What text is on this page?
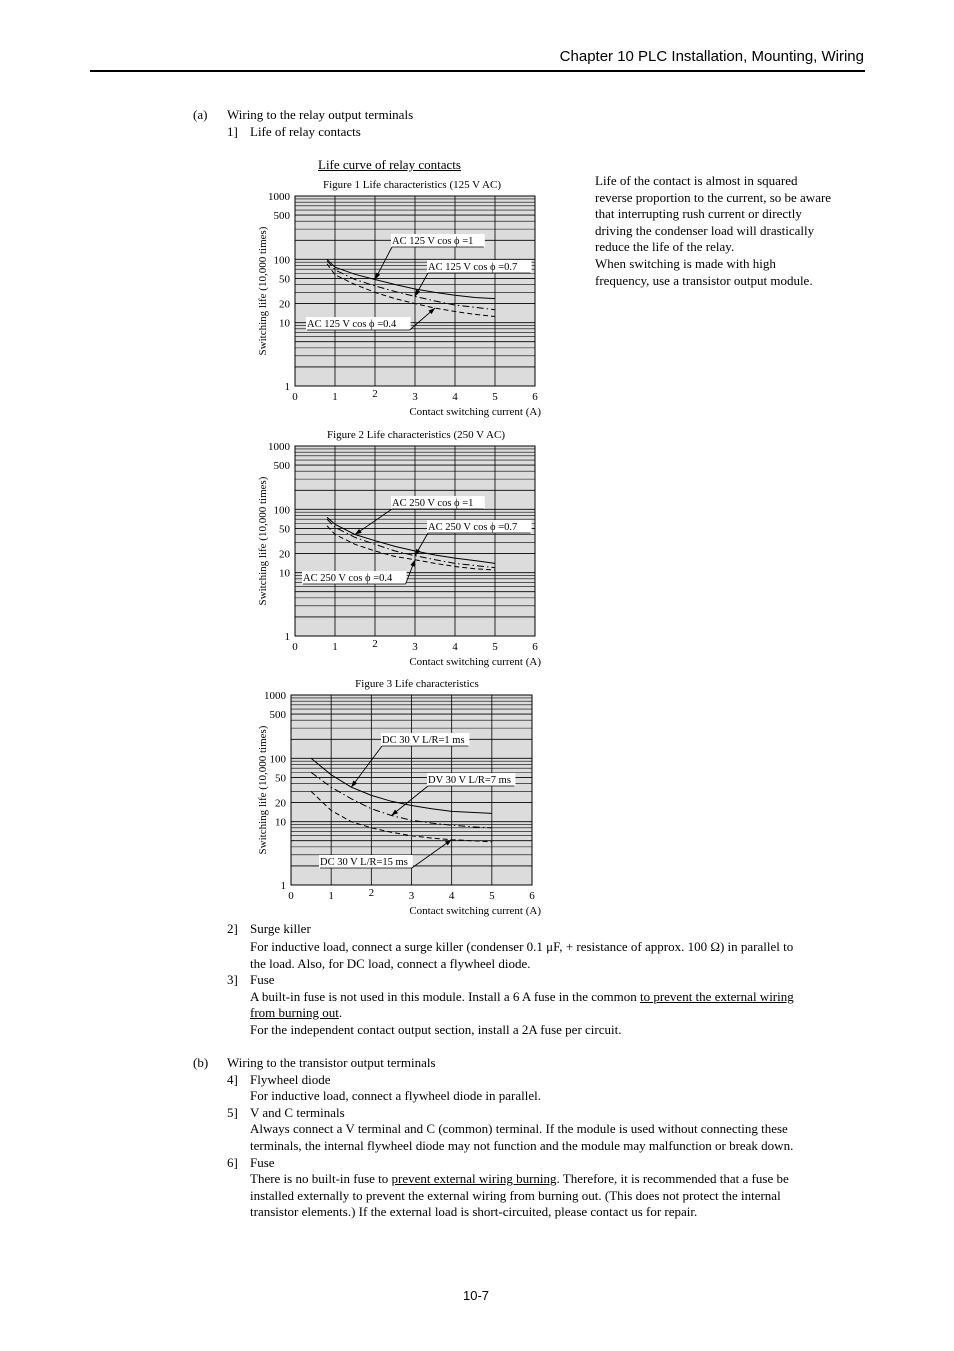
Chapter 10 PLC Installation, Mounting, Wiring
(a) Wiring to the relay output terminals
1] Life of relay contacts
Life curve of relay contacts

Life of the contact is almost in squared

reverse proportion to the current, so be aware

that interrupting rush current or directly

driving the condenser load will drastically

reduce the life of the relay.

When switching is made with high

frequency, use a transistor output module.

0	1	2	3	4	5	6
1
10
20
50
100
500
1000
AC 125 V cos ϕ =1
AC 125 V cos ϕ =0.7
AC 125 V cos ϕ =0.4
Figure 1 Life characteristics (125 V AC)
Contact switching current (A)
Switching life (10,000 times)
0	1	2	3	4	5	6
1
10
20
50
100
500
1000
AC 250 V cos ϕ =1
AC 250 V cos ϕ =0.7
AC 250 V cos ϕ =0.4
Figure 2 Life characteristics (250 V AC)
Contact switching current (A)
Switching life (10,000 times)
0	1	2	3	4	5	6
1
10
20
50
100
500
1000
DC 30 V L/R=1 ms
DV 30 V L/R=7 ms
DC 30 V L/R=15 ms
Figure 3 Life characteristics
Contact switching current (A)
Switching life (10,000 times)
2] Surge killer
For inductive load, connect a surge killer (condenser 0.1 μF, + resistance of approx. 100 Ω) in parallel to
the load. Also, for DC load, connect a flywheel diode.
3] Fuse
A built-in fuse is not used in this module. Install a 6 A fuse in the common to prevent the external wiring
from burning out.
For the independent contact output section, install a 2A fuse per circuit.
(b) Wiring to the transistor output terminals
4] Flywheel diode
For inductive load, connect a flywheel diode in parallel.
5] V and C terminals
Always connect a V terminal and C (common) terminal. If the module is used without connecting these
terminals, the internal flywheel diode may not function and the module may malfunction or break down.
6] Fuse
There is no built-in fuse to prevent external wiring burning. Therefore, it is recommended that a fuse be
installed externally to prevent the external wiring from burning out. (This does not protect the internal
transistor elements.) If the external load is short-circuited, please contact us for repair.
10-7
